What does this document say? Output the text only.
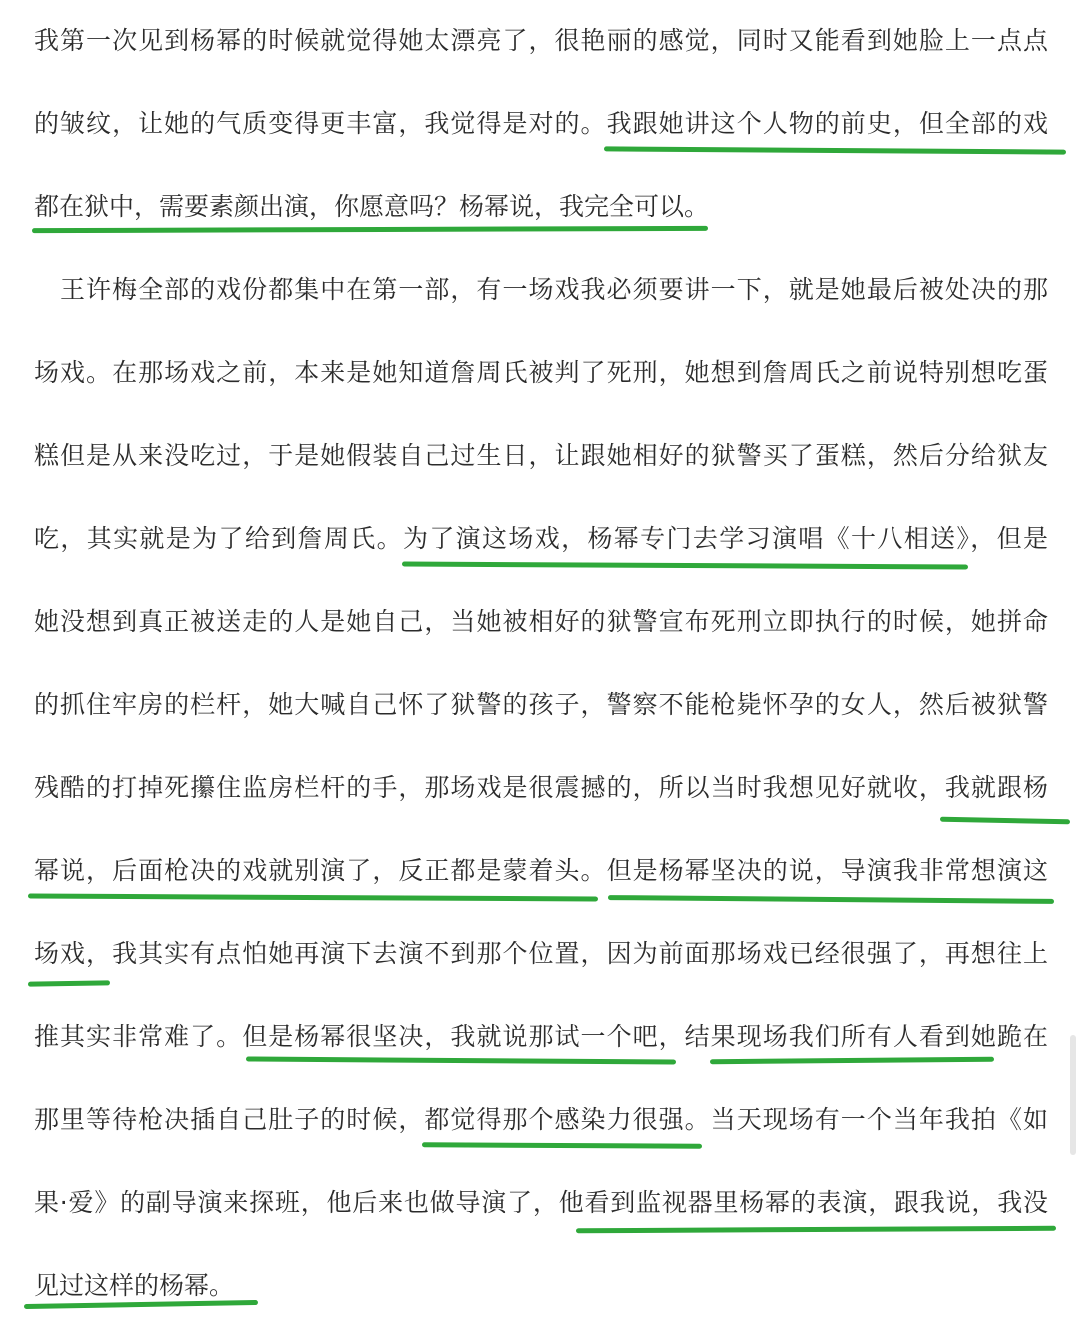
我第一次见到杨幂的时候就觉得她太漂亮了，很艳丽的感觉，同时又能看到她脸上一点点
的皱纹，让她的气质变得更丰富，我觉得是对的。我跟她讲这个人物的前史，但全部的戏
都在狱中，需要素颜出演，你愿意吗？杨幂说，我完全可以。
王许梅全部的戏份都集中在第一部，有一场戏我必须要讲一下，就是她最后被处决的那
场戏。在那场戏之前，本来是她知道詹周氏被判了死刑，她想到詹周氏之前说特别想吃蛋
糕但是从来没吃过，于是她假装自己过生日，让跟她相好的狱警买了蛋糕，然后分给狱友
吃，其实就是为了给到詹周氏。为了演这场戏，杨幂专门去学习演唱《十八相送》，但是
她没想到真正被送走的人是她自己，当她被相好的狱警宣布死刑立即执行的时候，她拼命
的抓住牢房的栏杆，她大喊自己怀了狱警的孩子，警察不能枪毙怀孕的女人，然后被狱警
残酷的打掉死攥住监房栏杆的手，那场戏是很震撼的，所以当时我想见好就收，我就跟杨
幂说，后面枪决的戏就别演了，反正都是蒙着头。但是杨幂坚决的说，导演我非常想演这
场戏，我其实有点怕她再演下去演不到那个位置，因为前面那场戏已经很强了，再想往上
推其实非常难了。但是杨幂很坚决，我就说那试一个吧，结果现场我们所有人看到她跪在
那里等待枪决插自己肚子的时候，都觉得那个感染力很强。当天现场有一个当年我拍《如
果·爱》的副导演来探班，他后来也做导演了，他看到监视器里杨幂的表演，跟我说，我没
见过这样的杨幂。
